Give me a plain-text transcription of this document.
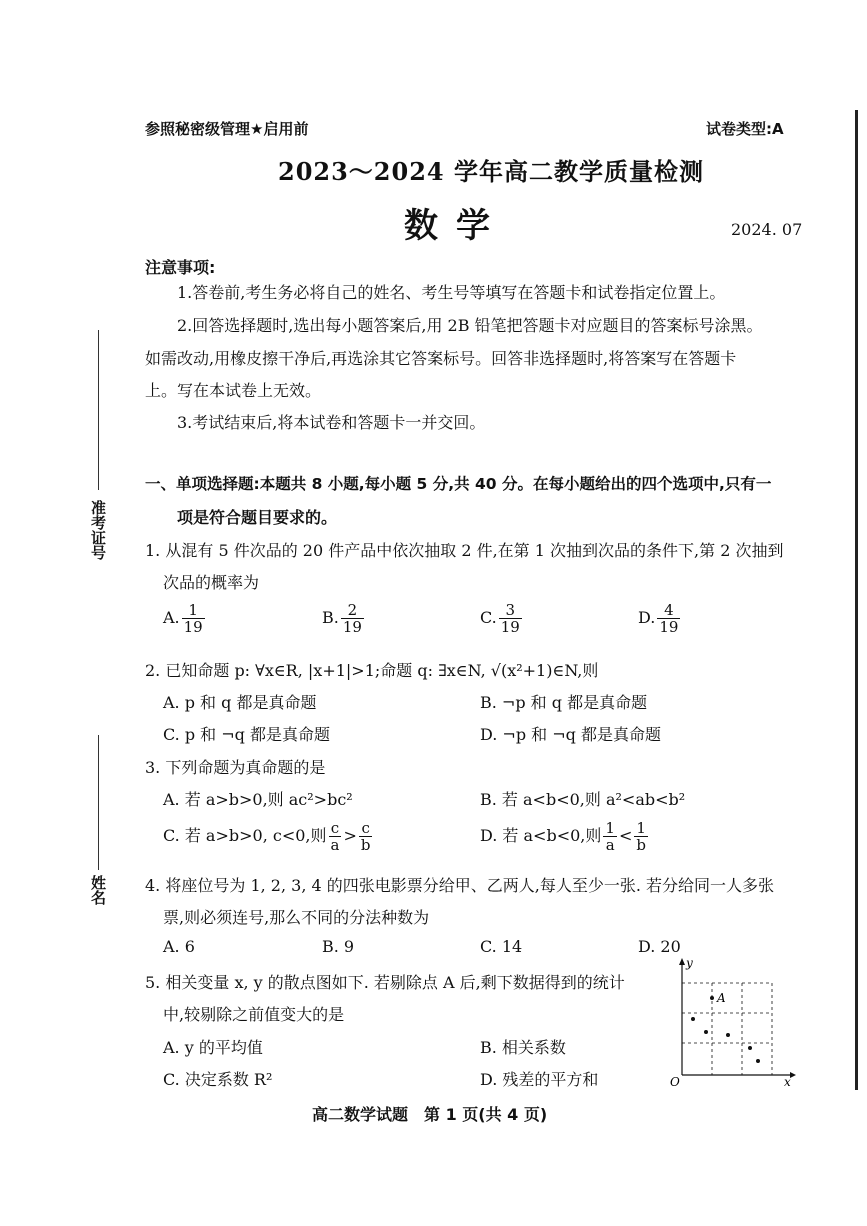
参照秘密级管理★启用前	试卷类型:A
2023～2024 学年高二教学质量检测
数学	2024. 07
注意事项:
1.答卷前,考生务必将自己的姓名、考生号等填写在答题卡和试卷指定位置上。
2.回答选择题时,选出每小题答案后,用 2B 铅笔把答题卡对应题目的答案标号涂黑。
如需改动,用橡皮擦干净后,再选涂其它答案标号。回答非选择题时,将答案写在答题卡
上。写在本试卷上无效。
3.考试结束后,将本试卷和答题卡一并交回。
准考证号
姓名
一、单项选择题:本题共 8 小题,每小题 5 分,共 40 分。在每小题给出的四个选项中,只有一
项是符合题目要求的。
1. 从混有 5 件次品的 20 件产品中依次抽取 2 件,在第 1 次抽到次品的条件下,第 2 次抽到
次品的概率为
A. $\frac{1}{19}$	B. $\frac{2}{19}$	C. $\frac{3}{19}$	D. $\frac{4}{19}$
2. 已知命题 p: ∀x∈R, |x+1|>1;命题 q: ∃x∈N, √(x²+1)∈N,则
A. p 和 q 都是真命题	B. ¬p 和 q 都是真命题
C. p 和 ¬q 都是真命题	D. ¬p 和 ¬q 都是真命题
3. 下列命题为真命题的是
A. 若 a>b>0,则 ac²>bc²	B. 若 a<b<0,则 a²<ab<b²
C. 若 a>b>0, c<0,则 $\frac{c}{a} > \frac{c}{b}$	D. 若 a<b<0,则 $\frac{1}{a} < \frac{1}{b}$
4. 将座位号为 1, 2, 3, 4 的四张电影票分给甲、乙两人,每人至少一张. 若分给同一人多张
票,则必须连号,那么不同的分法种数为
A. 6	B. 9	C. 14	D. 20
5. 相关变量 x, y 的散点图如下. 若剔除点 A 后,剩下数据得到的统计
中,较剔除之前值变大的是
A. y 的平均值	B. 相关系数
C. 决定系数 R²	D. 残差的平方和
A
y
x
O
高二数学试题　第 1 页(共 4 页)
